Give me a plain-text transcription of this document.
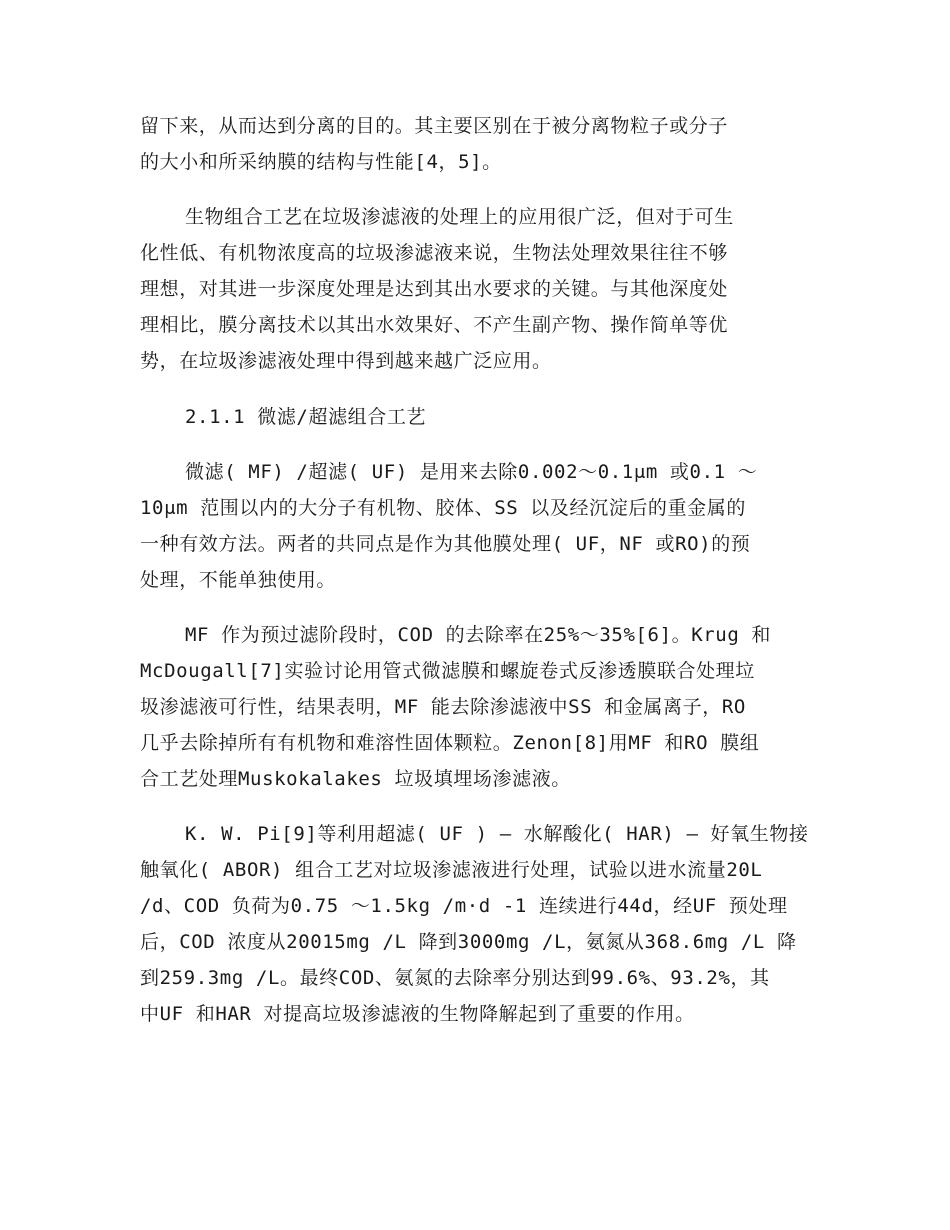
留下来，从而达到分离的目的。其主要区别在于被分离物粒子或分子
的大小和所采纳膜的结构与性能[4，5]。
生物组合工艺在垃圾渗滤液的处理上的应用很广泛，但对于可生
化性低、有机物浓度高的垃圾渗滤液来说，生物法处理效果往往不够
理想，对其进一步深度处理是达到其出水要求的关键。与其他深度处
理相比，膜分离技术以其出水效果好、不产生副产物、操作简单等优
势，在垃圾渗滤液处理中得到越来越广泛应用。
2.1.1 微滤/超滤组合工艺
微滤( MF) /超滤( UF) 是用来去除0.002～0.1μm 或0.1 ～
10μm 范围以内的大分子有机物、胶体、SS 以及经沉淀后的重金属的
一种有效方法。两者的共同点是作为其他膜处理( UF，NF 或RO)的预
处理，不能单独使用。
MF 作为预过滤阶段时，COD 的去除率在25%～35%[6]。Krug 和
McDougall[7]实验讨论用管式微滤膜和螺旋卷式反渗透膜联合处理垃
圾渗滤液可行性，结果表明，MF 能去除渗滤液中SS 和金属离子，RO
几乎去除掉所有有机物和难溶性固体颗粒。Zenon[8]用MF 和RO 膜组
合工艺处理Muskokalakes 垃圾填埋场渗滤液。
K. W. Pi[9]等利用超滤( UF ) – 水解酸化( HAR) – 好氧生物接
触氧化( ABOR) 组合工艺对垃圾渗滤液进行处理，试验以进水流量20L
/d、COD 负荷为0.75 ～1.5kg /m·d -1 连续进行44d，经UF 预处理
后，COD 浓度从20015mg /L 降到3000mg /L，氨氮从368.6mg /L 降
到259.3mg /L。最终COD、氨氮的去除率分别达到99.6%、93.2%，其
中UF 和HAR 对提高垃圾渗滤液的生物降解起到了重要的作用。
